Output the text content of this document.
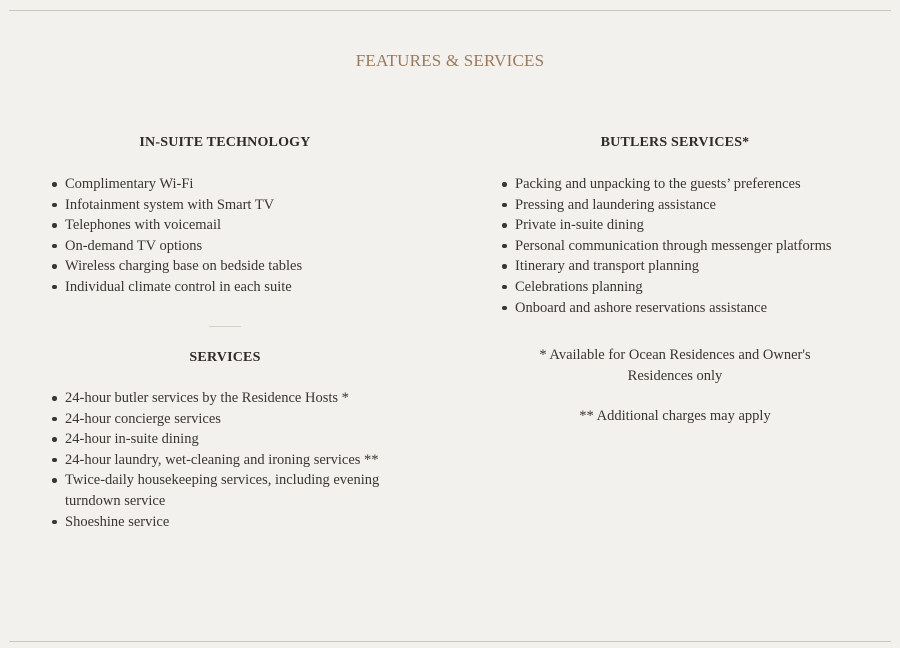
FEATURES & SERVICES
IN-SUITE TECHNOLOGY
Complimentary Wi-Fi
Infotainment system with Smart TV
Telephones with voicemail
On-demand TV options
Wireless charging base on bedside tables
Individual climate control in each suite
SERVICES
24-hour butler services by the Residence Hosts *
24-hour concierge services
24-hour in-suite dining
24-hour laundry, wet-cleaning and ironing services **
Twice-daily housekeeping services, including evening turndown service
Shoeshine service
BUTLERS SERVICES*
Packing and unpacking to the guests’ preferences
Pressing and laundering assistance
Private in-suite dining
Personal communication through messenger platforms
Itinerary and transport planning
Celebrations planning
Onboard and ashore reservations assistance
* Available for Ocean Residences and Owner's Residences only
** Additional charges may apply
